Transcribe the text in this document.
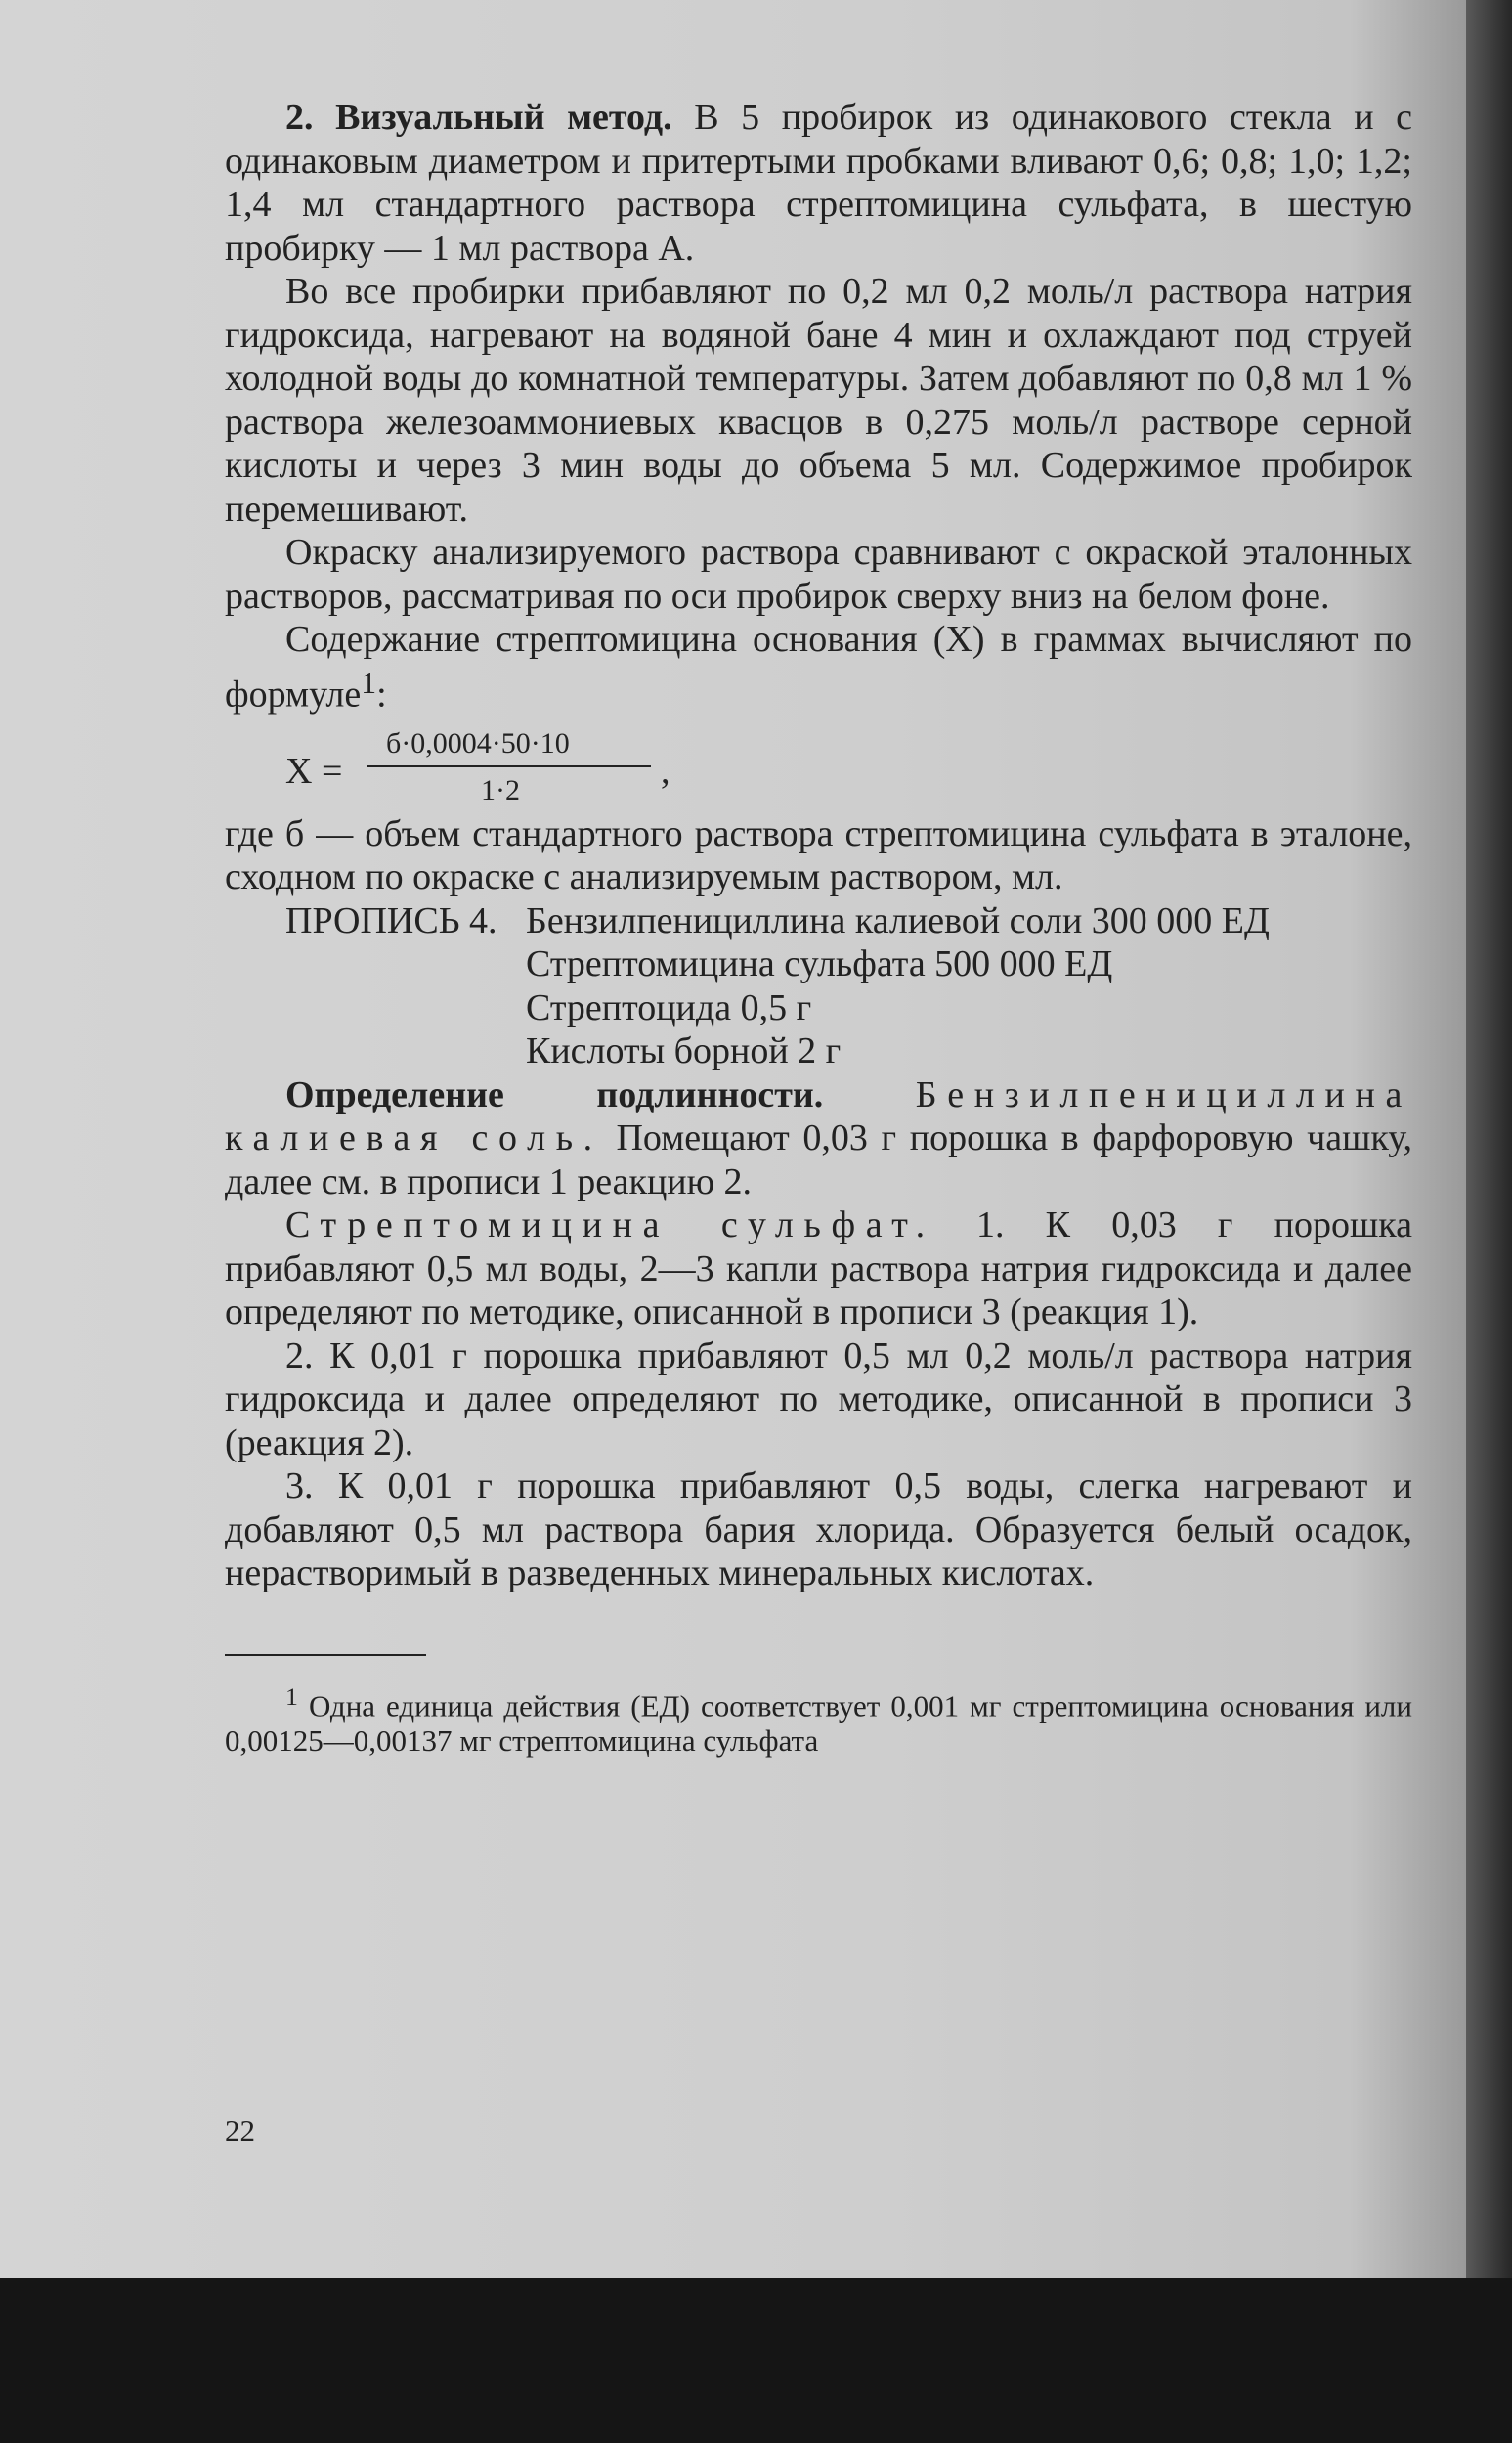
2. Визуальный метод. В 5 пробирок из одинакового стекла и с одинаковым диаметром и притертыми пробками вливают 0,6; 0,8; 1,0; 1,2; 1,4 мл стандартного раствора стрептомицина сульфата, в шестую пробирку — 1 мл раствора А.

Во все пробирки прибавляют по 0,2 мл 0,2 моль/л раствора натрия гидроксида, нагревают на водяной бане 4 мин и охлаждают под струей холодной воды до комнатной температуры. Затем добавляют по 0,8 мл 1 % раствора железоаммониевых квасцов в 0,275 моль/л растворе серной кислоты и через 3 мин воды до объема 5 мл. Содержимое пробирок перемешивают.

Окраску анализируемого раствора сравнивают с окраской эталонных растворов, рассматривая по оси пробирок сверху вниз на белом фоне.

Содержание стрептомицина основания (X) в граммах вычисляют по формуле$^1$:

X =
б·0,0004·50·10
1·2	,

где б — объем стандартного раствора стрептомицина сульфата в эталоне, сходном по окраске с анализируемым раствором, мл.

ПРОПИСЬ 4. Бензилпенициллина калиевой соли 300 000 ЕД

Стрептомицина сульфата 500 000 ЕД

Стрептоцида 0,5 г

Кислоты борной 2 г

Определение подлинности. Бензилпенициллина калиевая соль. Помещают 0,03 г порошка в фарфоровую чашку, далее см. в прописи 1 реакцию 2.

Стрептомицина сульфат. 1. К 0,03 г порошка прибавляют 0,5 мл воды, 2—3 капли раствора натрия гидроксида и далее определяют по методике, описанной в прописи 3 (реакция 1).

2. К 0,01 г порошка прибавляют 0,5 мл 0,2 моль/л раствора натрия гидроксида и далее определяют по методике, описанной в прописи 3 (реакция 2).

3. К 0,01 г порошка прибавляют 0,5 воды, слегка нагревают и добавляют 0,5 мл раствора бария хлорида. Образуется белый осадок, нерастворимый в разведенных минеральных кислотах.

$^1$ Одна единица действия (ЕД) соответствует 0,001 мг стрептомицина основания или 0,00125—0,00137 мг стрептомицина сульфата

22
